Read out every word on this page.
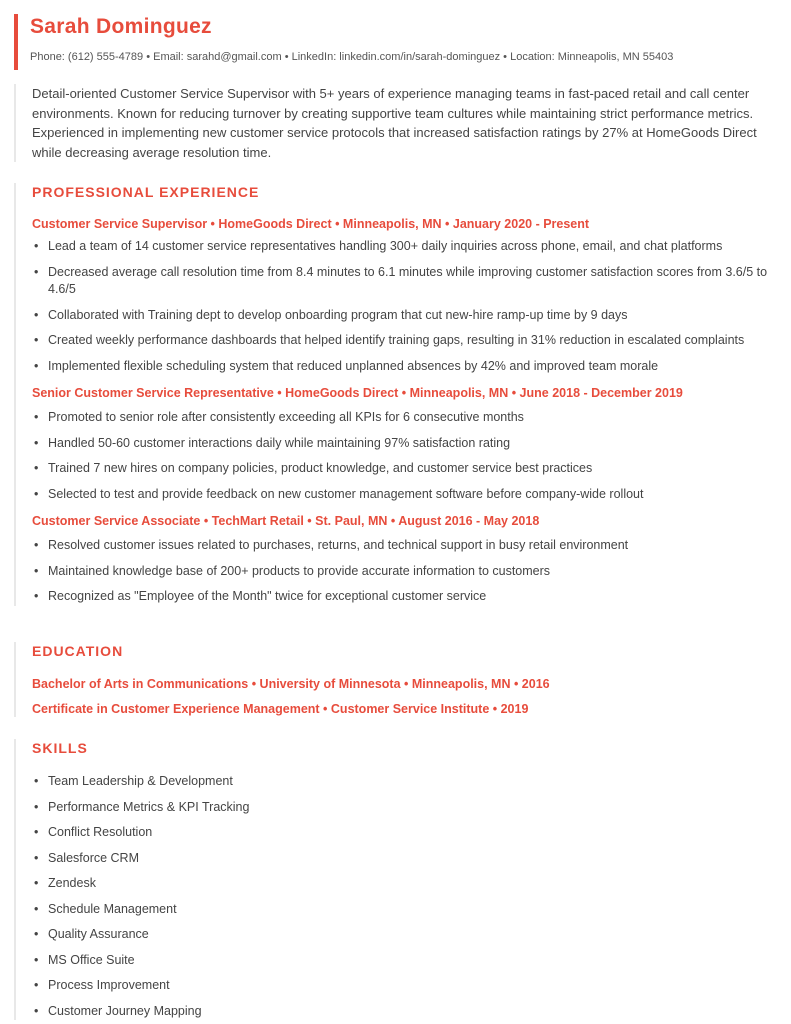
Sarah Dominguez
Phone: (612) 555-4789 • Email: sarahd@gmail.com • LinkedIn: linkedin.com/in/sarah-dominguez • Location: Minneapolis, MN 55403
Detail-oriented Customer Service Supervisor with 5+ years of experience managing teams in fast-paced retail and call center environments. Known for reducing turnover by creating supportive team cultures while maintaining strict performance metrics. Experienced in implementing new customer service protocols that increased satisfaction ratings by 27% at HomeGoods Direct while decreasing average resolution time.
PROFESSIONAL EXPERIENCE
Customer Service Supervisor • HomeGoods Direct • Minneapolis, MN • January 2020 - Present
• Lead a team of 14 customer service representatives handling 300+ daily inquiries across phone, email, and chat platforms
• Decreased average call resolution time from 8.4 minutes to 6.1 minutes while improving customer satisfaction scores from 3.6/5 to 4.6/5
• Collaborated with Training dept to develop onboarding program that cut new-hire ramp-up time by 9 days
• Created weekly performance dashboards that helped identify training gaps, resulting in 31% reduction in escalated complaints
• Implemented flexible scheduling system that reduced unplanned absences by 42% and improved team morale
Senior Customer Service Representative • HomeGoods Direct • Minneapolis, MN • June 2018 - December 2019
• Promoted to senior role after consistently exceeding all KPIs for 6 consecutive months
• Handled 50-60 customer interactions daily while maintaining 97% satisfaction rating
• Trained 7 new hires on company policies, product knowledge, and customer service best practices
• Selected to test and provide feedback on new customer management software before company-wide rollout
Customer Service Associate • TechMart Retail • St. Paul, MN • August 2016 - May 2018
• Resolved customer issues related to purchases, returns, and technical support in busy retail environment
• Maintained knowledge base of 200+ products to provide accurate information to customers
• Recognized as "Employee of the Month" twice for exceptional customer service
EDUCATION
Bachelor of Arts in Communications • University of Minnesota • Minneapolis, MN • 2016
Certificate in Customer Experience Management • Customer Service Institute • 2019
SKILLS
• Team Leadership & Development
• Performance Metrics & KPI Tracking
• Conflict Resolution
• Salesforce CRM
• Zendesk
• Schedule Management
• Quality Assurance
• MS Office Suite
• Process Improvement
• Customer Journey Mapping
